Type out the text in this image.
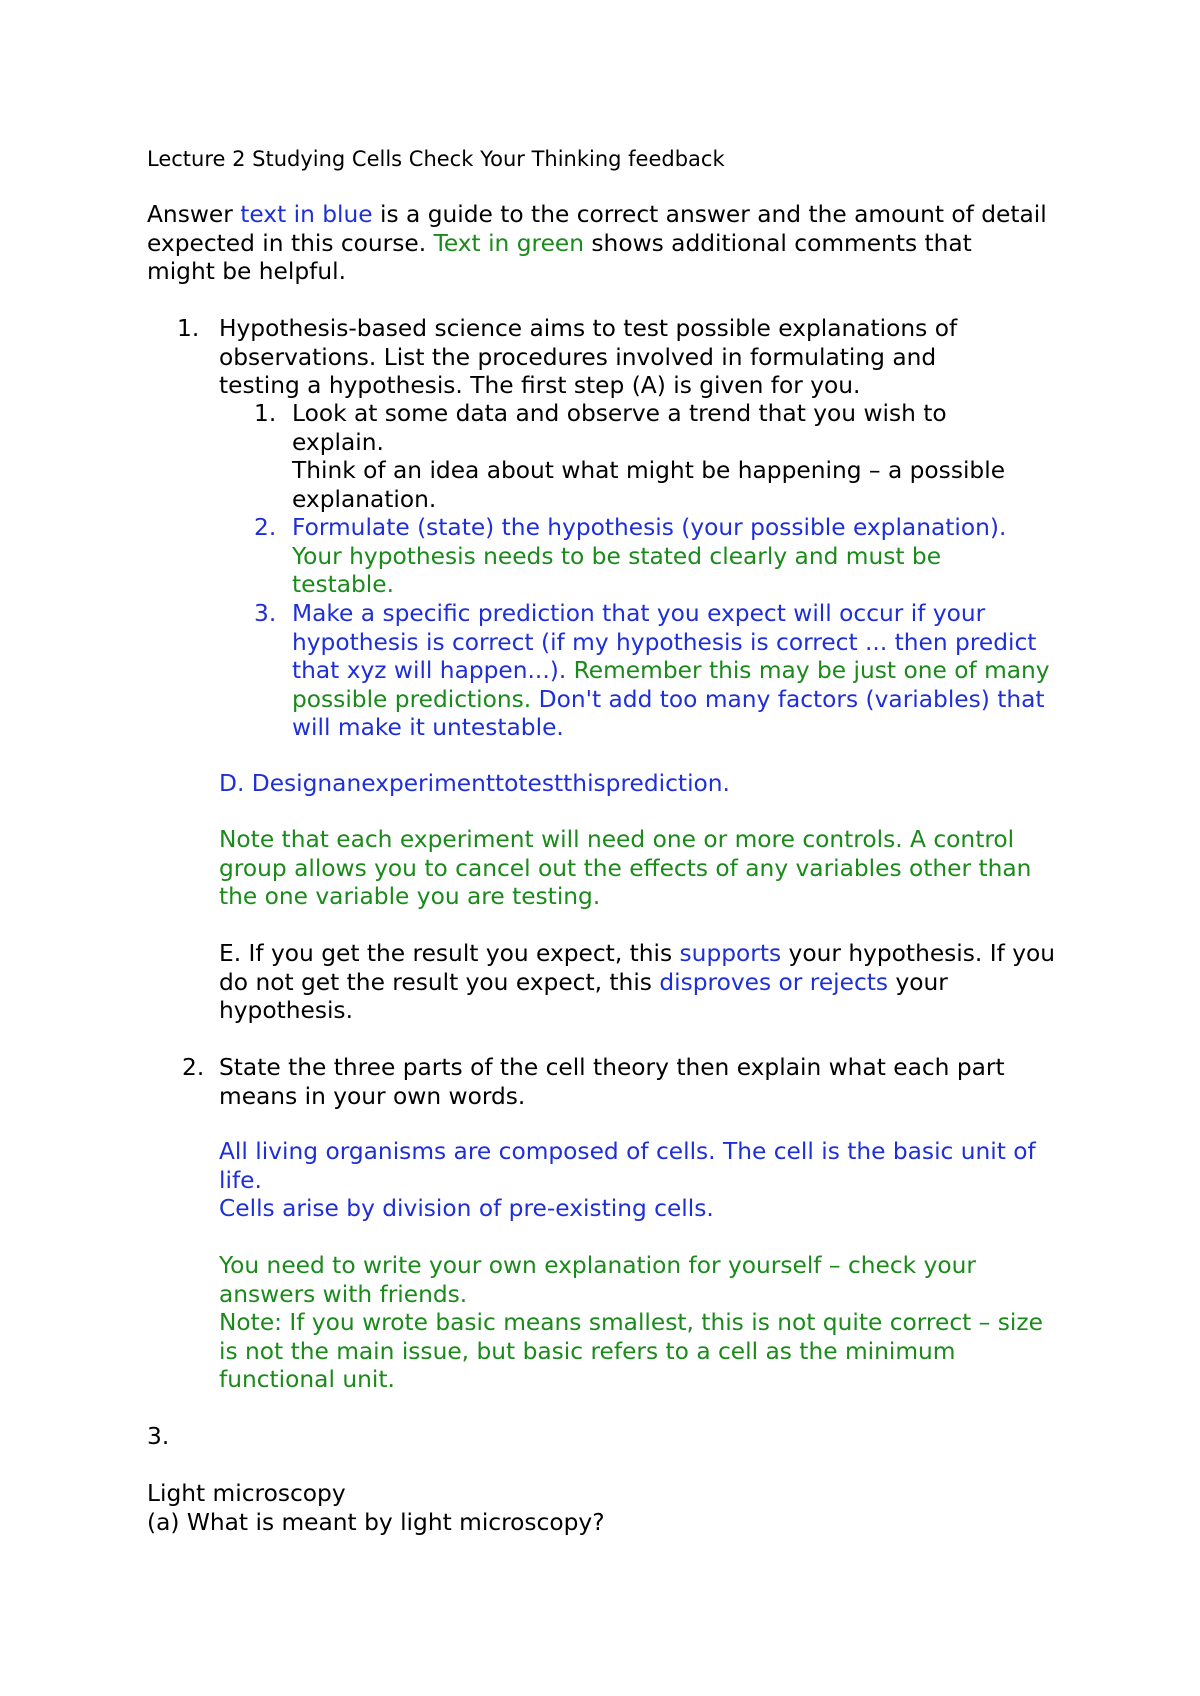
Lecture 2 Studying Cells Check Your Thinking feedback
Answer text in blue is a guide to the correct answer and the amount of detail expected in this course. Text in green shows additional comments that might be helpful.
1. Hypothesis-based science aims to test possible explanations of observations. List the procedures involved in formulating and testing a hypothesis. The first step (A) is given for you.
1. Look at some data and observe a trend that you wish to explain.
Think of an idea about what might be happening – a possible explanation.
2. Formulate (state) the hypothesis (your possible explanation). Your hypothesis needs to be stated clearly and must be testable.
3. Make a specific prediction that you expect will occur if your hypothesis is correct (if my hypothesis is correct ... then predict that xyz will happen...). Remember this may be just one of many possible predictions. Don't add too many factors (variables) that will make it untestable.
D. Designanexperimenttotestthisprediction.
Note that each experiment will need one or more controls. A control group allows you to cancel out the effects of any variables other than the one variable you are testing.
E. If you get the result you expect, this supports your hypothesis. If you do not get the result you expect, this disproves or rejects your hypothesis.
2. State the three parts of the cell theory then explain what each part means in your own words.
All living organisms are composed of cells. The cell is the basic unit of life.
Cells arise by division of pre-existing cells.
You need to write your own explanation for yourself – check your answers with friends.
Note: If you wrote basic means smallest, this is not quite correct – size is not the main issue, but basic refers to a cell as the minimum functional unit.
3.
Light microscopy
(a) What is meant by light microscopy?
